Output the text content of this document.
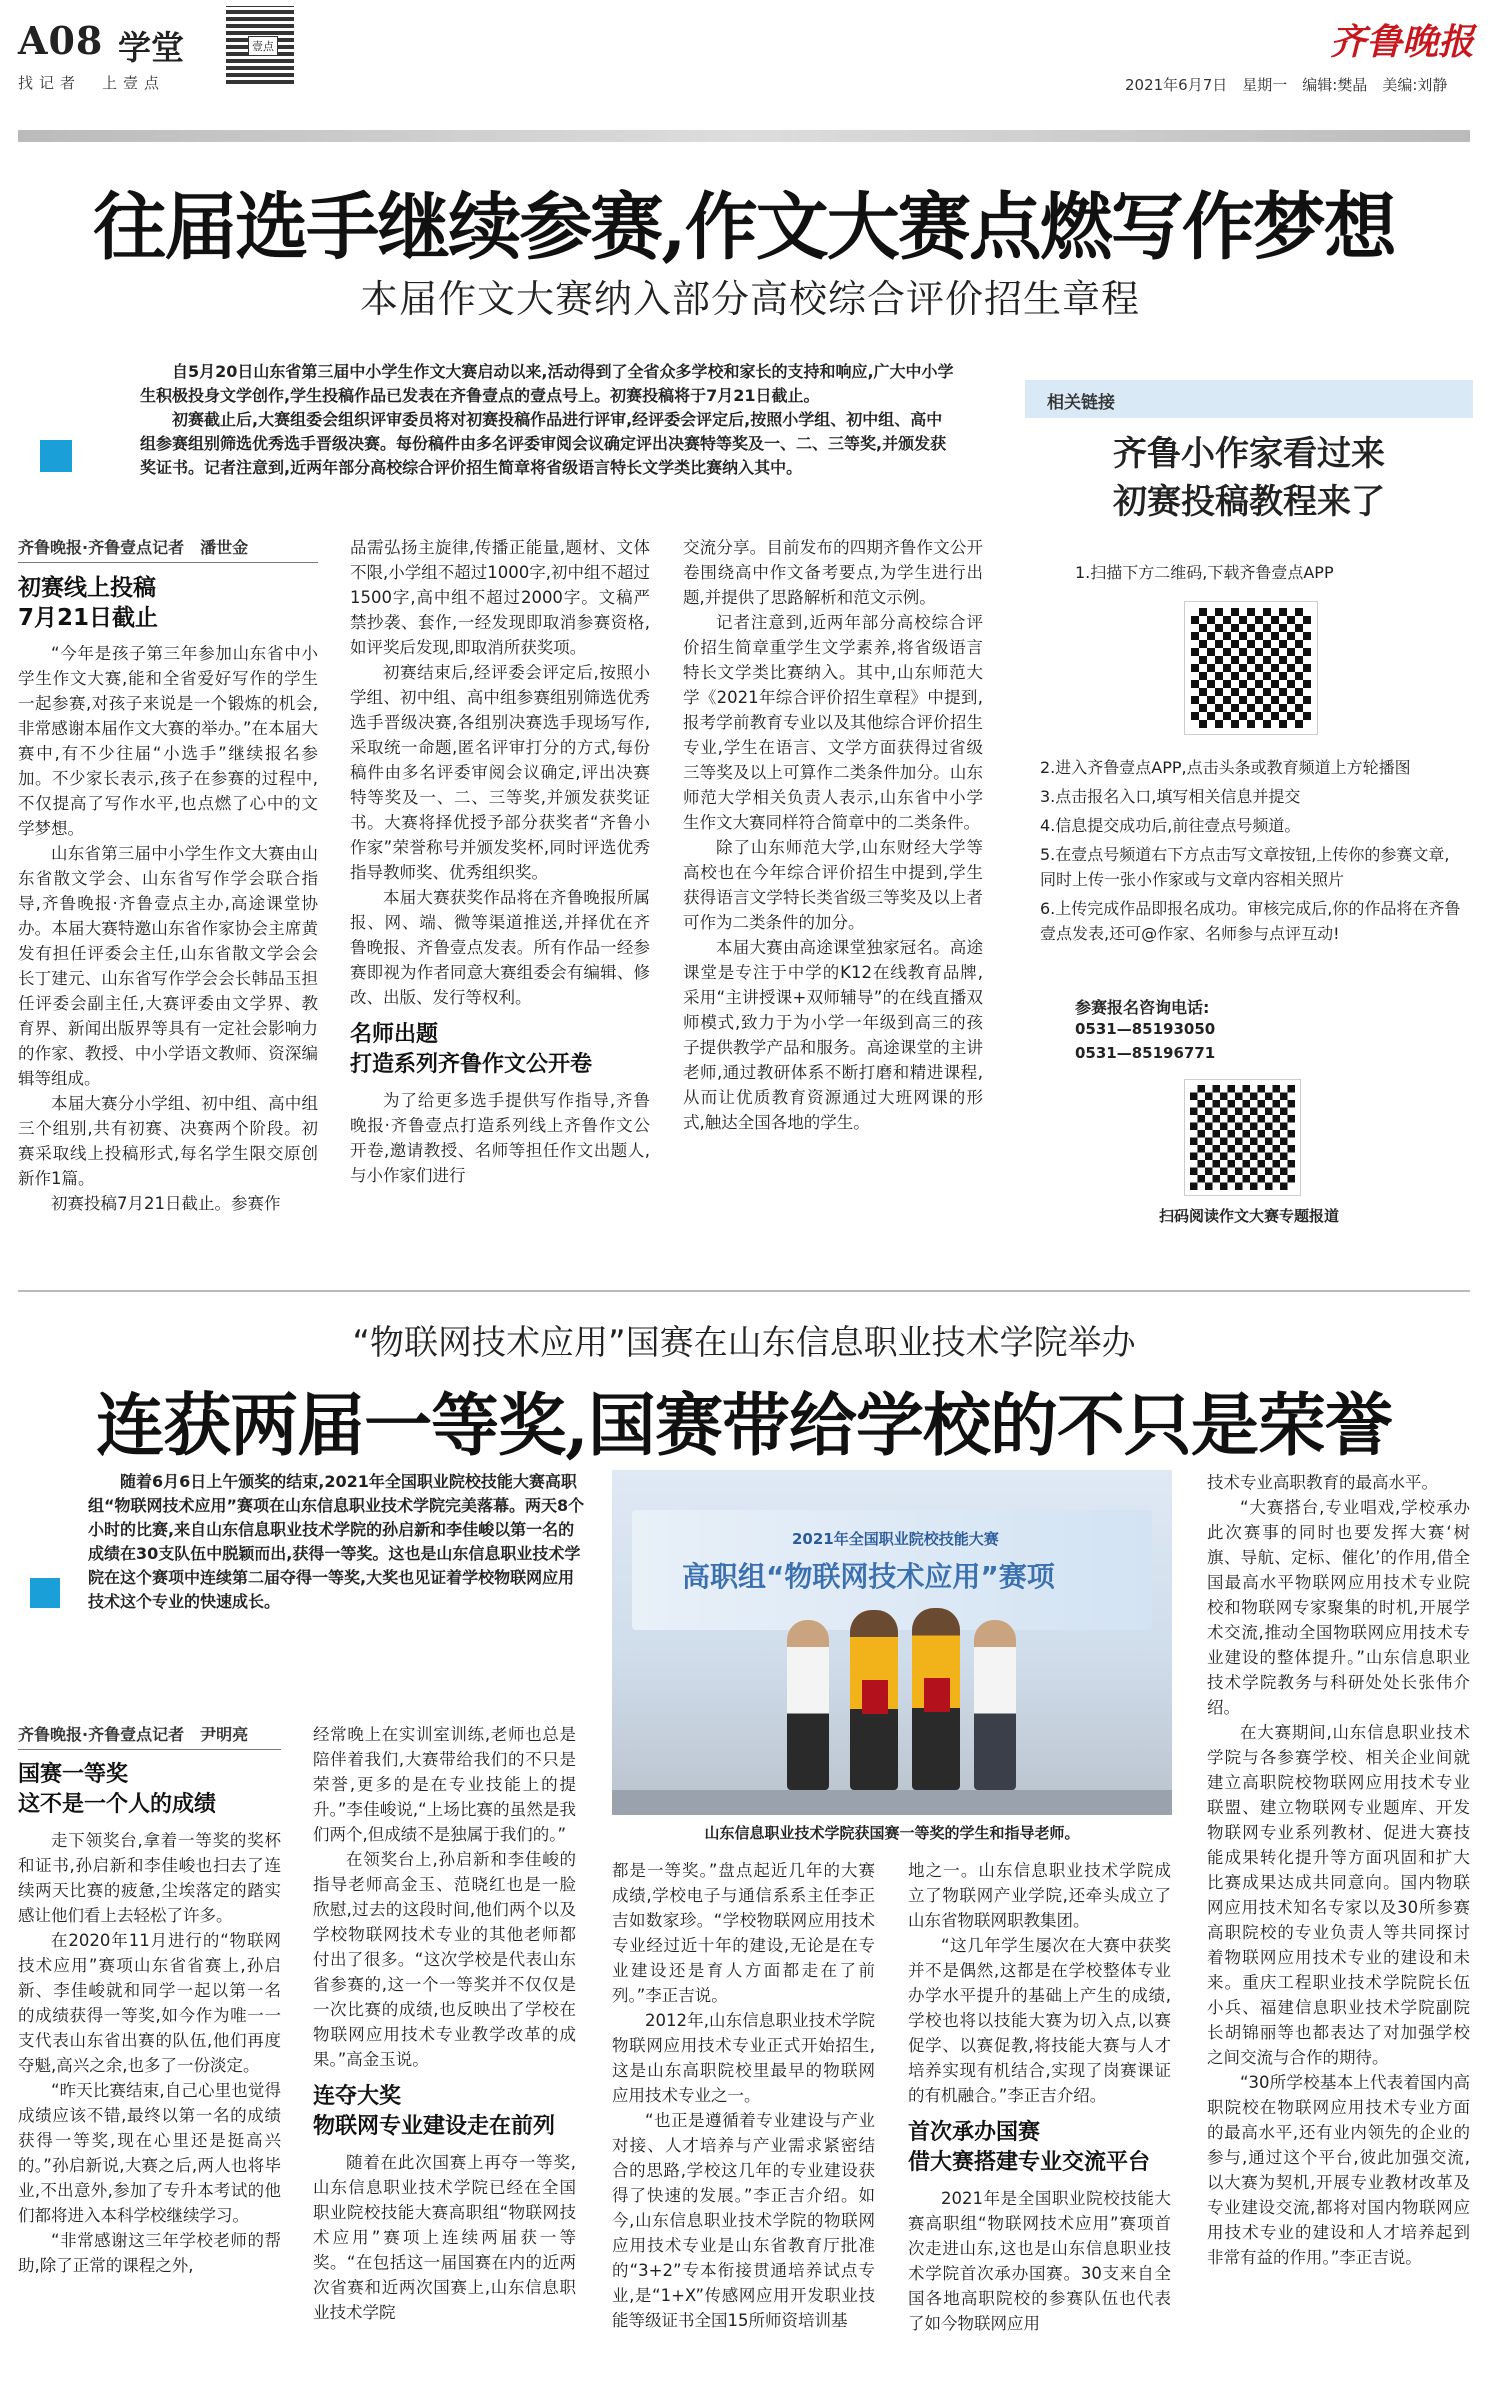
A08 学堂
找记者　上壹点
壹点	齐鲁晚报
2021年6月7日　星期一　编辑:樊晶　美编:刘静
往届选手继续参赛,作文大赛点燃写作梦想
本届作文大赛纳入部分高校综合评价招生章程

自5月20日山东省第三届中小学生作文大赛启动以来,活动得到了全省众多学校和家长的支持和响应,广大中小学生积极投身文学创作,学生投稿作品已发表在齐鲁壹点的壹点号上。初赛投稿将于7月21日截止。

初赛截止后,大赛组委会组织评审委员将对初赛投稿作品进行评审,经评委会评定后,按照小学组、初中组、高中组参赛组别筛选优秀选手晋级决赛。每份稿件由多名评委审阅会议确定评出决赛特等奖及一、二、三等奖,并颁发获奖证书。记者注意到,近两年部分高校综合评价招生简章将省级语言特长文学类比赛纳入其中。

齐鲁晚报·齐鲁壹点记者　潘世金
初赛线上投稿
7月21日截止

“今年是孩子第三年参加山东省中小学生作文大赛,能和全省爱好写作的学生一起参赛,对孩子来说是一个锻炼的机会,非常感谢本届作文大赛的举办。”在本届大赛中,有不少往届“小选手”继续报名参加。不少家长表示,孩子在参赛的过程中,不仅提高了写作水平,也点燃了心中的文学梦想。

山东省第三届中小学生作文大赛由山东省散文学会、山东省写作学会联合指导,齐鲁晚报·齐鲁壹点主办,高途课堂协办。本届大赛特邀山东省作家协会主席黄发有担任评委会主任,山东省散文学会会长丁建元、山东省写作学会会长韩品玉担任评委会副主任,大赛评委由文学界、教育界、新闻出版界等具有一定社会影响力的作家、教授、中小学语文教师、资深编辑等组成。

本届大赛分小学组、初中组、高中组三个组别,共有初赛、决赛两个阶段。初赛采取线上投稿形式,每名学生限交原创新作1篇。

初赛投稿7月21日截止。参赛作

品需弘扬主旋律,传播正能量,题材、文体不限,小学组不超过1000字,初中组不超过1500字,高中组不超过2000字。文稿严禁抄袭、套作,一经发现即取消参赛资格,如评奖后发现,即取消所获奖项。

初赛结束后,经评委会评定后,按照小学组、初中组、高中组参赛组别筛选优秀选手晋级决赛,各组别决赛选手现场写作,采取统一命题,匿名评审打分的方式,每份稿件由多名评委审阅会议确定,评出决赛特等奖及一、二、三等奖,并颁发获奖证书。大赛将择优授予部分获奖者“齐鲁小作家”荣誉称号并颁发奖杯,同时评选优秀指导教师奖、优秀组织奖。

本届大赛获奖作品将在齐鲁晚报所属报、网、端、微等渠道推送,并择优在齐鲁晚报、齐鲁壹点发表。所有作品一经参赛即视为作者同意大赛组委会有编辑、修改、出版、发行等权利。

名师出题
打造系列齐鲁作文公开卷

为了给更多选手提供写作指导,齐鲁晚报·齐鲁壹点打造系列线上齐鲁作文公开卷,邀请教授、名师等担任作文出题人,与小作家们进行

交流分享。目前发布的四期齐鲁作文公开卷围绕高中作文备考要点,为学生进行出题,并提供了思路解析和范文示例。

记者注意到,近两年部分高校综合评价招生简章重学生文学素养,将省级语言特长文学类比赛纳入。其中,山东师范大学《2021年综合评价招生章程》中提到,报考学前教育专业以及其他综合评价招生专业,学生在语言、文学方面获得过省级三等奖及以上可算作二类条件加分。山东师范大学相关负责人表示,山东省中小学生作文大赛同样符合简章中的二类条件。

除了山东师范大学,山东财经大学等高校也在今年综合评价招生中提到,学生获得语言文学特长类省级三等奖及以上者可作为二类条件的加分。

本届大赛由高途课堂独家冠名。高途课堂是专注于中学的K12在线教育品牌,采用“主讲授课+双师辅导”的在线直播双师模式,致力于为小学一年级到高三的孩子提供教学产品和服务。高途课堂的主讲老师,通过教研体系不断打磨和精进课程,从而让优质教育资源通过大班网课的形式,触达全国各地的学生。

相关链接
齐鲁小作家看过来
初赛投稿教程来了
1.扫描下方二维码,下载齐鲁壹点APP

2.进入齐鲁壹点APP,点击头条或教育频道上方轮播图

3.点击报名入口,填写相关信息并提交

4.信息提交成功后,前往壹点号频道。

5.在壹点号频道右下方点击写文章按钮,上传你的参赛文章,同时上传一张小作家或与文章内容相关照片

6.上传完成作品即报名成功。审核完成后,你的作品将在齐鲁壹点发表,还可@作家、名师参与点评互动!

参赛报名咨询电话:
0531—85193050
0531—85196771
扫码阅读作文大赛专题报道
“物联网技术应用”国赛在山东信息职业技术学院举办
连获两届一等奖,国赛带给学校的不只是荣誉

随着6月6日上午颁奖的结束,2021年全国职业院校技能大赛高职组“物联网技术应用”赛项在山东信息职业技术学院完美落幕。两天8个小时的比赛,来自山东信息职业技术学院的孙启新和李佳峻以第一名的成绩在30支队伍中脱颖而出,获得一等奖。这也是山东信息职业技术学院在这个赛项中连续第二届夺得一等奖,大奖也见证着学校物联网应用技术这个专业的快速成长。

齐鲁晚报·齐鲁壹点记者　尹明亮
国赛一等奖
这不是一个人的成绩

走下领奖台,拿着一等奖的奖杯和证书,孙启新和李佳峻也扫去了连续两天比赛的疲惫,尘埃落定的踏实感让他们看上去轻松了许多。

在2020年11月进行的“物联网技术应用”赛项山东省省赛上,孙启新、李佳峻就和同学一起以第一名的成绩获得一等奖,如今作为唯一一支代表山东省出赛的队伍,他们再度夺魁,高兴之余,也多了一份淡定。

“昨天比赛结束,自己心里也觉得成绩应该不错,最终以第一名的成绩获得一等奖,现在心里还是挺高兴的。”孙启新说,大赛之后,两人也将毕业,不出意外,参加了专升本考试的他们都将进入本科学校继续学习。

“非常感谢这三年学校老师的帮助,除了正常的课程之外,

经常晚上在实训室训练,老师也总是陪伴着我们,大赛带给我们的不只是荣誉,更多的是在专业技能上的提升。”李佳峻说,“上场比赛的虽然是我们两个,但成绩不是独属于我们的。”

在领奖台上,孙启新和李佳峻的指导老师高金玉、范晓红也是一脸欣慰,过去的这段时间,他们两个以及学校物联网技术专业的其他老师都付出了很多。“这次学校是代表山东省参赛的,这一个一等奖并不仅仅是一次比赛的成绩,也反映出了学校在物联网应用技术专业教学改革的成果。”高金玉说。

连夺大奖
物联网专业建设走在前列

随着在此次国赛上再夺一等奖,山东信息职业技术学院已经在全国职业院校技能大赛高职组“物联网技术应用”赛项上连续两届获一等奖。“在包括这一届国赛在内的近两次省赛和近两次国赛上,山东信息职业技术学院

2021年全国职业院校技能大赛
高职组“物联网技术应用”赛项
山东信息职业技术学院获国赛一等奖的学生和指导老师。

都是一等奖。”盘点起近几年的大赛成绩,学校电子与通信系系主任李正吉如数家珍。“学校物联网应用技术专业经过近十年的建设,无论是在专业建设还是育人方面都走在了前列。”李正吉说。

2012年,山东信息职业技术学院物联网应用技术专业正式开始招生,这是山东高职院校里最早的物联网应用技术专业之一。

“也正是遵循着专业建设与产业对接、人才培养与产业需求紧密结合的思路,学校这几年的专业建设获得了快速的发展。”李正吉介绍。如今,山东信息职业技术学院的物联网应用技术专业是山东省教育厅批准的“3+2”专本衔接贯通培养试点专业,是“1+X”传感网应用开发职业技能等级证书全国15所师资培训基

地之一。山东信息职业技术学院成立了物联网产业学院,还牵头成立了山东省物联网职教集团。

“这几年学生屡次在大赛中获奖并不是偶然,这都是在学校整体专业办学水平提升的基础上产生的成绩,学校也将以技能大赛为切入点,以赛促学、以赛促教,将技能大赛与人才培养实现有机结合,实现了岗赛课证的有机融合。”李正吉介绍。

首次承办国赛
借大赛搭建专业交流平台

2021年是全国职业院校技能大赛高职组“物联网技术应用”赛项首次走进山东,这也是山东信息职业技术学院首次承办国赛。30支来自全国各地高职院校的参赛队伍也代表了如今物联网应用

技术专业高职教育的最高水平。

“大赛搭台,专业唱戏,学校承办此次赛事的同时也要发挥大赛‘树旗、导航、定标、催化’的作用,借全国最高水平物联网应用技术专业院校和物联网专家聚集的时机,开展学术交流,推动全国物联网应用技术专业建设的整体提升。”山东信息职业技术学院教务与科研处处长张伟介绍。

在大赛期间,山东信息职业技术学院与各参赛学校、相关企业间就建立高职院校物联网应用技术专业联盟、建立物联网专业题库、开发物联网专业系列教材、促进大赛技能成果转化提升等方面巩固和扩大比赛成果达成共同意向。国内物联网应用技术知名专家以及30所参赛高职院校的专业负责人等共同探讨着物联网应用技术专业的建设和未来。重庆工程职业技术学院院长伍小兵、福建信息职业技术学院副院长胡锦丽等也都表达了对加强学校之间交流与合作的期待。

“30所学校基本上代表着国内高职院校在物联网应用技术专业方面的最高水平,还有业内领先的企业的参与,通过这个平台,彼此加强交流,以大赛为契机,开展专业教材改革及专业建设交流,都将对国内物联网应用技术专业的建设和人才培养起到非常有益的作用。”李正吉说。
